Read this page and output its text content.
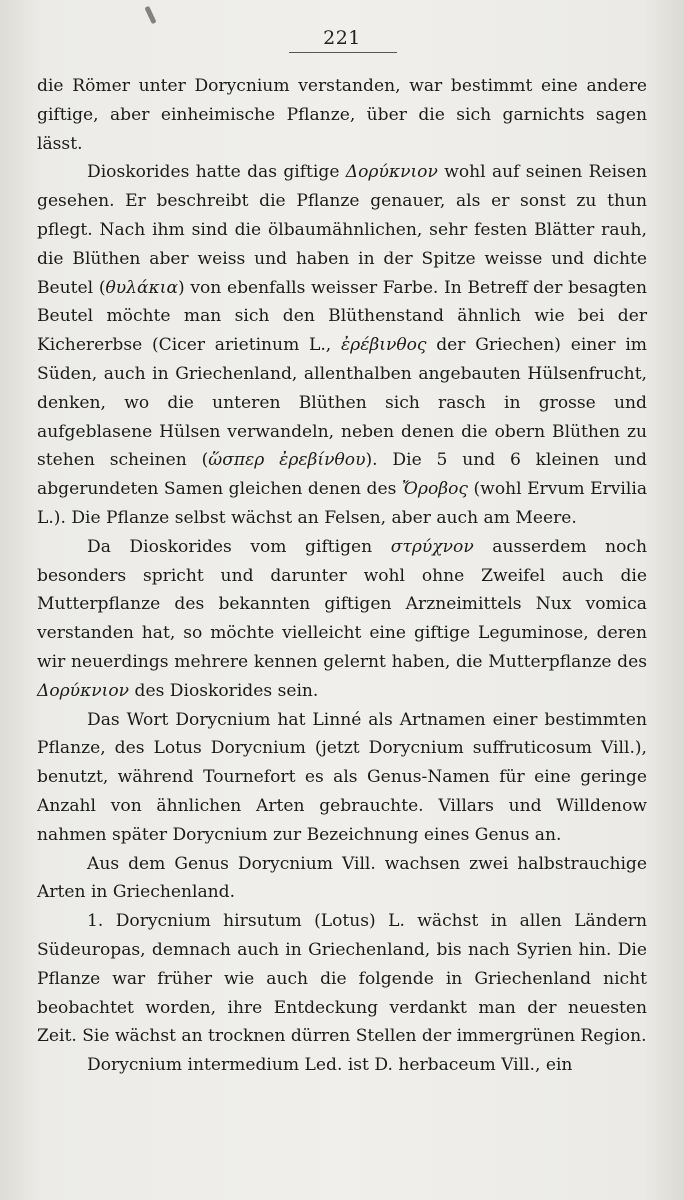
221

die Römer unter Dorycnium verstanden, war bestimmt eine andere giftige, aber einheimische Pflanze, über die sich garnichts sagen lässt.

Dioskorides hatte das giftige Δορύκνιον wohl auf seinen Reisen gesehen. Er beschreibt die Pflanze genauer, als er sonst zu thun pflegt. Nach ihm sind die ölbaumähnlichen, sehr festen Blätter rauh, die Blüthen aber weiss und haben in der Spitze weisse und dichte Beutel (θυλάκια) von ebenfalls weisser Farbe. In Betreff der besagten Beutel möchte man sich den Blüthenstand ähnlich wie bei der Kichererbse (Cicer arietinum L., ἐρέβινθος der Griechen) einer im Süden, auch in Griechenland, allenthalben angebauten Hülsenfrucht, denken, wo die unteren Blüthen sich rasch in grosse und aufgeblasene Hülsen verwandeln, neben denen die obern Blüthen zu stehen scheinen (ὥσπερ ἐρεβίνθου). Die 5 und 6 kleinen und abgerundeten Samen gleichen denen des Ὄροβος (wohl Ervum Ervilia L.). Die Pflanze selbst wächst an Felsen, aber auch am Meere.

Da Dioskorides vom giftigen στρύχνον ausserdem noch besonders spricht und darunter wohl ohne Zweifel auch die Mutterpflanze des bekannten giftigen Arzneimittels Nux vomica verstanden hat, so möchte vielleicht eine giftige Leguminose, deren wir neuerdings mehrere kennen gelernt haben, die Mutterpflanze des Δορύκνιον des Dioskorides sein.

Das Wort Dorycnium hat Linné als Artnamen einer bestimmten Pflanze, des Lotus Dorycnium (jetzt Dorycnium suffruticosum Vill.), benutzt, während Tournefort es als Genus-Namen für eine geringe Anzahl von ähnlichen Arten gebrauchte. Villars und Willdenow nahmen später Dorycnium zur Bezeichnung eines Genus an.

Aus dem Genus Dorycnium Vill. wachsen zwei halbstrauchige Arten in Griechenland.

1. Dorycnium hirsutum (Lotus) L. wächst in allen Ländern Südeuropas, demnach auch in Griechenland, bis nach Syrien hin. Die Pflanze war früher wie auch die folgende in Griechenland nicht beobachtet worden, ihre Entdeckung verdankt man der neuesten Zeit. Sie wächst an trocknen dürren Stellen der immergrünen Region.

Dorycnium intermedium Led. ist D. herbaceum Vill., ein
